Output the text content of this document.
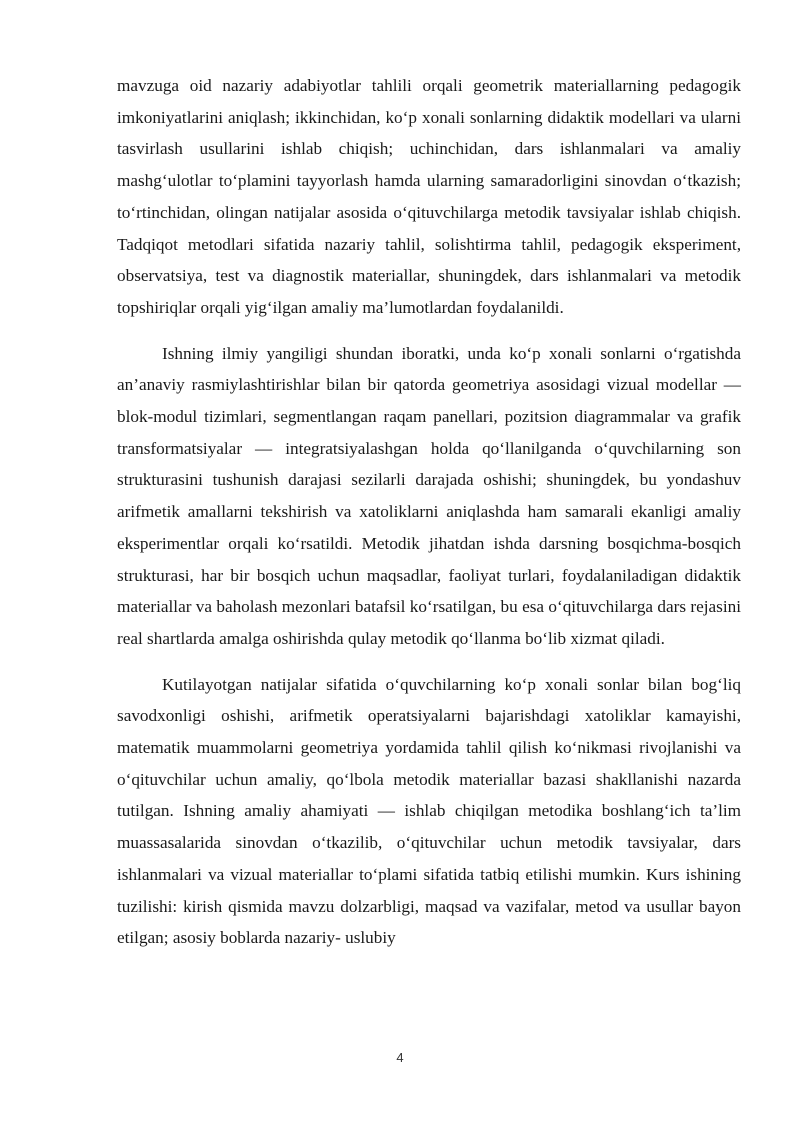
mavzuga oid nazariy adabiyotlar tahlili orqali geometrik materiallarning pedagogik imkoniyatlarini aniqlash; ikkinchidan, ko‘p xonali sonlarning didaktik modellari va ularni tasvirlash usullarini ishlab chiqish; uchinchidan, dars ishlanmalari va amaliy mashg‘ulotlar to‘plamini tayyorlash hamda ularning samaradorligini sinovdan o‘tkazish; to‘rtinchidan, olingan natijalar asosida o‘qituvchilarga metodik tavsiyalar ishlab chiqish. Tadqiqot metodlari sifatida nazariy tahlil, solishtirma tahlil, pedagogik eksperiment, observatsiya, test va diagnostik materiallar, shuningdek, dars ishlanmalari va metodik topshiriqlar orqali yig‘ilgan amaliy ma’lumotlardan foydalanildi.

Ishning ilmiy yangiligi shundan iboratki, unda ko‘p xonali sonlarni o‘rgatishda an’anaviy rasmiylashtirishlar bilan bir qatorda geometriya asosidagi vizual modellar — blok-modul tizimlari, segmentlangan raqam panellari, pozitsion diagrammalar va grafik transformatsiyalar — integratsiyalashgan holda qo‘llanilganda o‘quvchilarning son strukturasini tushunish darajasi sezilarli darajada oshishi; shuningdek, bu yondashuv arifmetik amallarni tekshirish va xatoliklarni aniqlashda ham samarali ekanligi amaliy eksperimentlar orqali ko‘rsatildi. Metodik jihatdan ishda darsning bosqichma-bosqich strukturasi, har bir bosqich uchun maqsadlar, faoliyat turlari, foydalaniladigan didaktik materiallar va baholash mezonlari batafsil ko‘rsatilgan, bu esa o‘qituvchilarga dars rejasini real shartlarda amalga oshirishda qulay metodik qo‘llanma bo‘lib xizmat qiladi.

Kutilayotgan natijalar sifatida o‘quvchilarning ko‘p xonali sonlar bilan bog‘liq savodxonligi oshishi, arifmetik operatsiyalarni bajarishdagi xatoliklar kamayishi, matematik muammolarni geometriya yordamida tahlil qilish ko‘nikmasi rivojlanishi va o‘qituvchilar uchun amaliy, qo‘lbola metodik materiallar bazasi shakllanishi nazarda tutilgan. Ishning amaliy ahamiyati — ishlab chiqilgan metodika boshlang‘ich ta’lim muassasalarida sinovdan o‘tkazilib, o‘qituvchilar uchun metodik tavsiyalar, dars ishlanmalari va vizual materiallar to‘plami sifatida tatbiq etilishi mumkin. Kurs ishining tuzilishi: kirish qismida mavzu dolzarbligi, maqsad va vazifalar, metod va usullar bayon etilgan; asosiy boblarda nazariy- uslubiy

4
